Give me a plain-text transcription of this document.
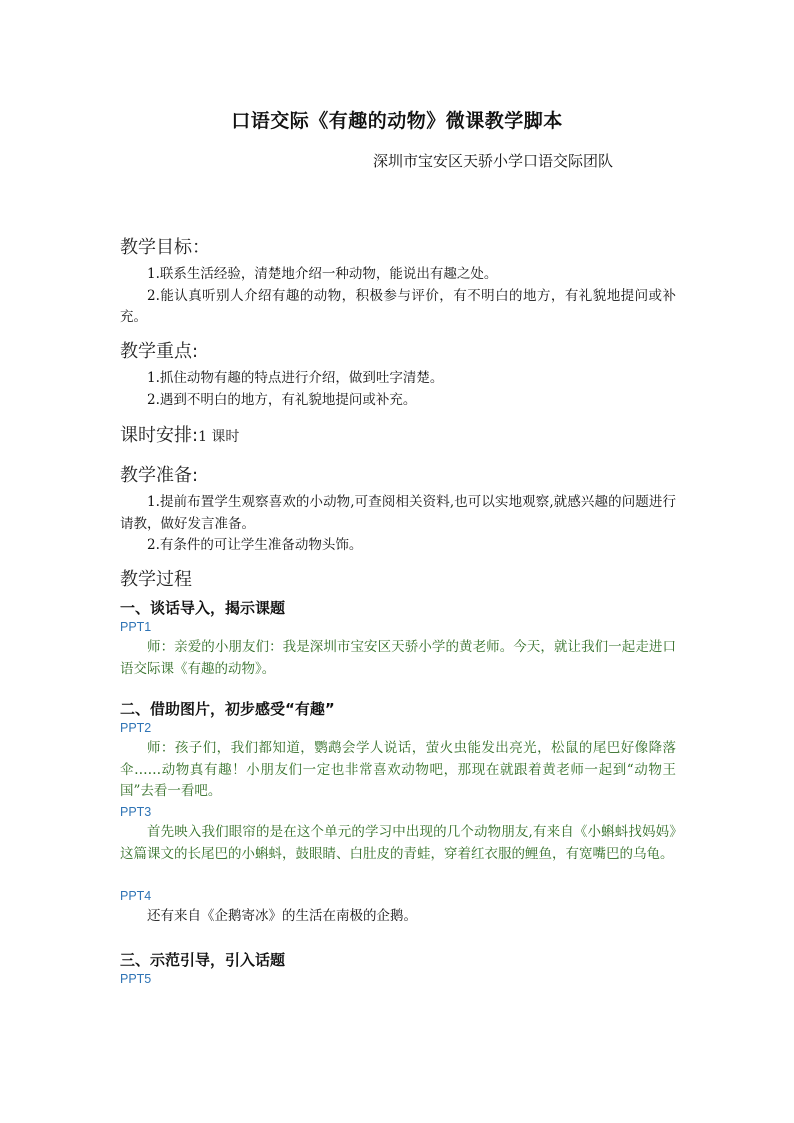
口语交际《有趣的动物》微课教学脚本
深圳市宝安区天骄小学口语交际团队
教学目标：

1.联系生活经验，清楚地介绍一种动物，能说出有趣之处。

2.能认真听别人介绍有趣的动物，积极参与评价，有不明白的地方，有礼貌地提问或补充。

教学重点:

1.抓住动物有趣的特点进行介绍，做到吐字清楚。

2.遇到不明白的地方，有礼貌地提问或补充。

课时安排:1 课时
教学准备:

1.提前布置学生观察喜欢的小动物,可查阅相关资料,也可以实地观察,就感兴趣的问题进行请教，做好发言准备。

2.有条件的可让学生准备动物头饰。

教学过程
一、谈话导入，揭示课题
PPT1

师：亲爱的小朋友们：我是深圳市宝安区天骄小学的黄老师。今天，就让我们一起走进口语交际课《有趣的动物》。

二、借助图片，初步感受“有趣”
PPT2

师：孩子们，我们都知道，鹦鹉会学人说话，萤火虫能发出亮光，松鼠的尾巴好像降落伞……动物真有趣！小朋友们一定也非常喜欢动物吧，那现在就跟着黄老师一起到“动物王国”去看一看吧。

PPT3

首先映入我们眼帘的是在这个单元的学习中出现的几个动物朋友,有来自《小蝌蚪找妈妈》这篇课文的长尾巴的小蝌蚪，鼓眼睛、白肚皮的青蛙，穿着红衣服的鲤鱼，有宽嘴巴的乌龟。

PPT4

还有来自《企鹅寄冰》的生活在南极的企鹅。

三、示范引导，引入话题
PPT5
